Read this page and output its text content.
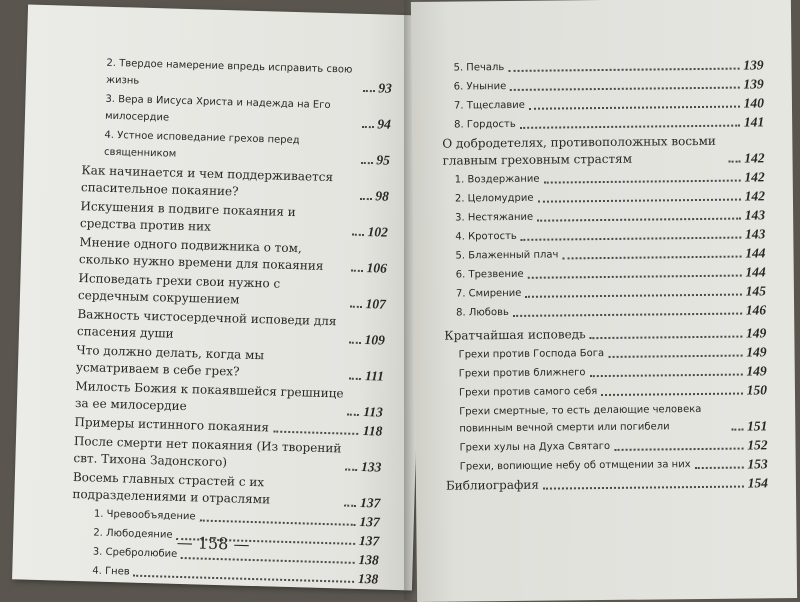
2. Твердое намерение впредь исправить свою жизнь	93
3. Вера в Иисуса Христа и надежда на Его милосердие	94
4. Устное исповедание грехов перед священником	95
Как начинается и чем поддерживается спасительное покаяние?	98
Искушения в подвиге покаяния и средства против них	102
Мнение одного подвижника о том, сколько нужно времени для покаяния	106
Исповедать грехи свои нужно с сердечным сокрушением	107
Важность чистосердечной исповеди для спасения души	109
Что должно делать, когда мы усматриваем в себе грех?	111
Милость Божия к покаявшейся грешнице за ее милосердие	113
Примеры истинного покаяния	118
После смерти нет покаяния (Из творений свт. Тихона Задонского)	133
Восемь главных страстей с их подразделениями и отраслями	137
1. Чревообъядение	137
2. Любодеяние	137
3. Сребролюбие	138
4. Гнев	138
— 158 —
5. Печаль	139
6. Уныние	139
7. Тщеславие	140
8. Гордость	141
О добродетелях, противоположных восьми главным греховным страстям	142
1. Воздержание	142
2. Целомудрие	142
3. Нестяжание	143
4. Кротость	143
5. Блаженный плач	144
6. Трезвение	144
7. Смирение	145
8. Любовь	146
Кратчайшая исповедь	149
Грехи против Господа Бога	149
Грехи против ближнего	149
Грехи против самого себя	150
Грехи смертные, то есть делающие человека повинным вечной смерти или погибели	151
Грехи хулы на Духа Святаго	152
Грехи, вопиющие небу об отмщении за них	153
Библиография	154
